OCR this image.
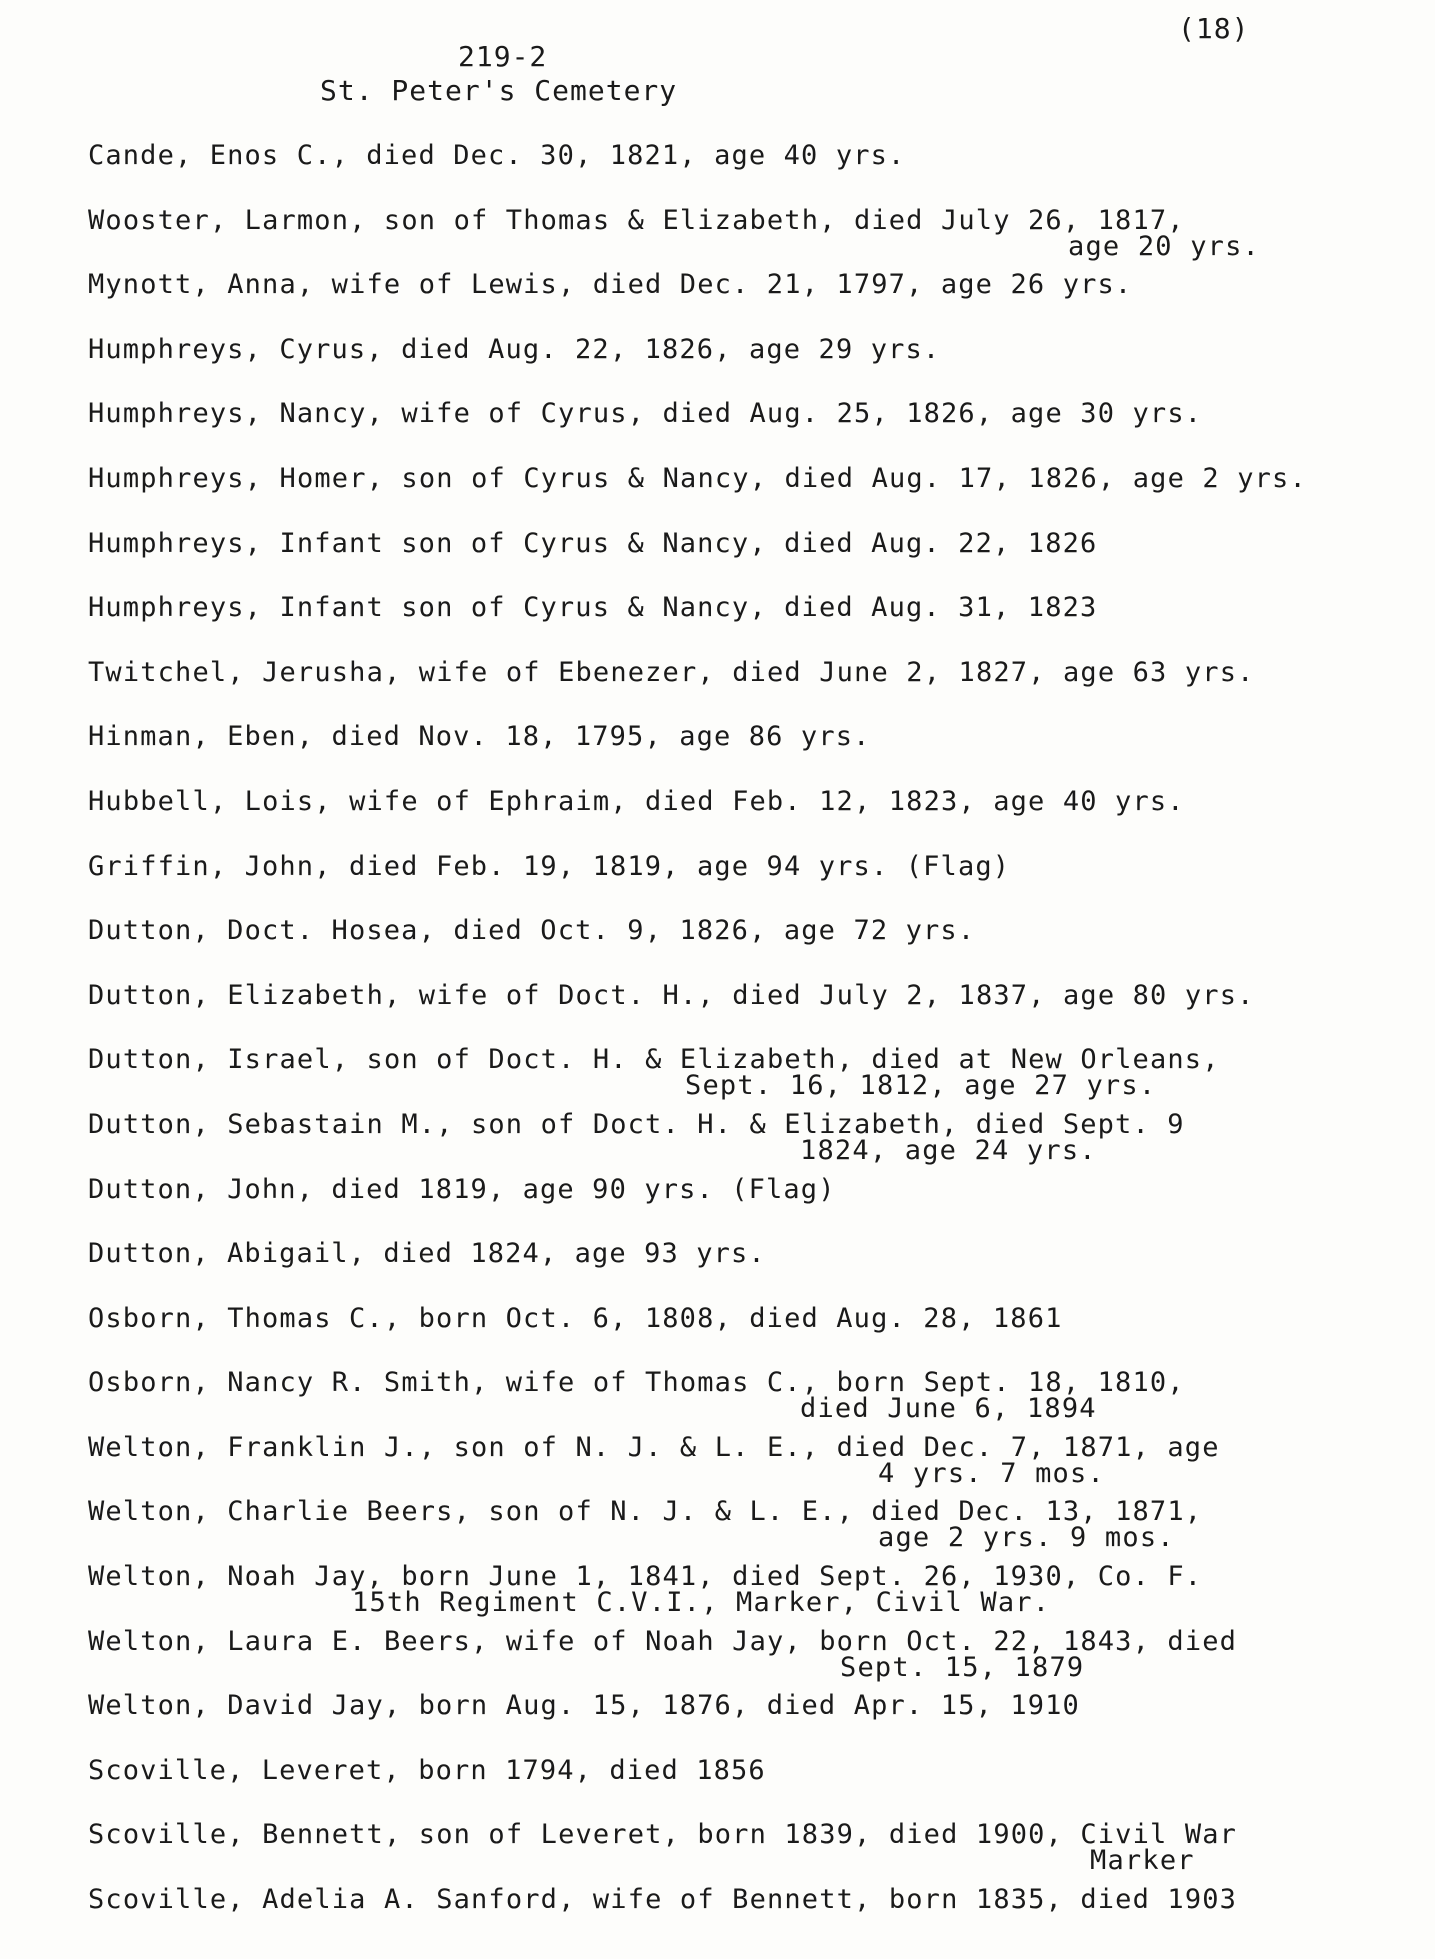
(18)
219-2
St. Peter's Cemetery
Cande, Enos C., died Dec. 30, 1821, age 40 yrs.
Wooster, Larmon, son of Thomas & Elizabeth, died July 26, 1817,
age 20 yrs.
Mynott, Anna, wife of Lewis, died Dec. 21, 1797, age 26 yrs.
Humphreys, Cyrus, died Aug. 22, 1826, age 29 yrs.
Humphreys, Nancy, wife of Cyrus, died Aug. 25, 1826, age 30 yrs.
Humphreys, Homer, son of Cyrus & Nancy, died Aug. 17, 1826, age 2 yrs.
Humphreys, Infant son of Cyrus & Nancy, died Aug. 22, 1826
Humphreys, Infant son of Cyrus & Nancy, died Aug. 31, 1823
Twitchel, Jerusha, wife of Ebenezer, died June 2, 1827, age 63 yrs.
Hinman, Eben, died Nov. 18, 1795, age 86 yrs.
Hubbell, Lois, wife of Ephraim, died Feb. 12, 1823, age 40 yrs.
Griffin, John, died Feb. 19, 1819, age 94 yrs. (Flag)
Dutton, Doct. Hosea, died Oct. 9, 1826, age 72 yrs.
Dutton, Elizabeth, wife of Doct. H., died July 2, 1837, age 80 yrs.
Dutton, Israel, son of Doct. H. & Elizabeth, died at New Orleans,
Sept. 16, 1812, age 27 yrs.
Dutton, Sebastain M., son of Doct. H. & Elizabeth, died Sept. 9
1824, age 24 yrs.
Dutton, John, died 1819, age 90 yrs. (Flag)
Dutton, Abigail, died 1824, age 93 yrs.
Osborn, Thomas C., born Oct. 6, 1808, died Aug. 28, 1861
Osborn, Nancy R. Smith, wife of Thomas C., born Sept. 18, 1810,
died June 6, 1894
Welton, Franklin J., son of N. J. & L. E., died Dec. 7, 1871, age
4 yrs. 7 mos.
Welton, Charlie Beers, son of N. J. & L. E., died Dec. 13, 1871,
age 2 yrs. 9 mos.
Welton, Noah Jay, born June 1, 1841, died Sept. 26, 1930, Co. F.
15th Regiment C.V.I., Marker, Civil War.
Welton, Laura E. Beers, wife of Noah Jay, born Oct. 22, 1843, died
Sept. 15, 1879
Welton, David Jay, born Aug. 15, 1876, died Apr. 15, 1910
Scoville, Leveret, born 1794, died 1856
Scoville, Bennett, son of Leveret, born 1839, died 1900, Civil War
Marker
Scoville, Adelia A. Sanford, wife of Bennett, born 1835, died 1903
